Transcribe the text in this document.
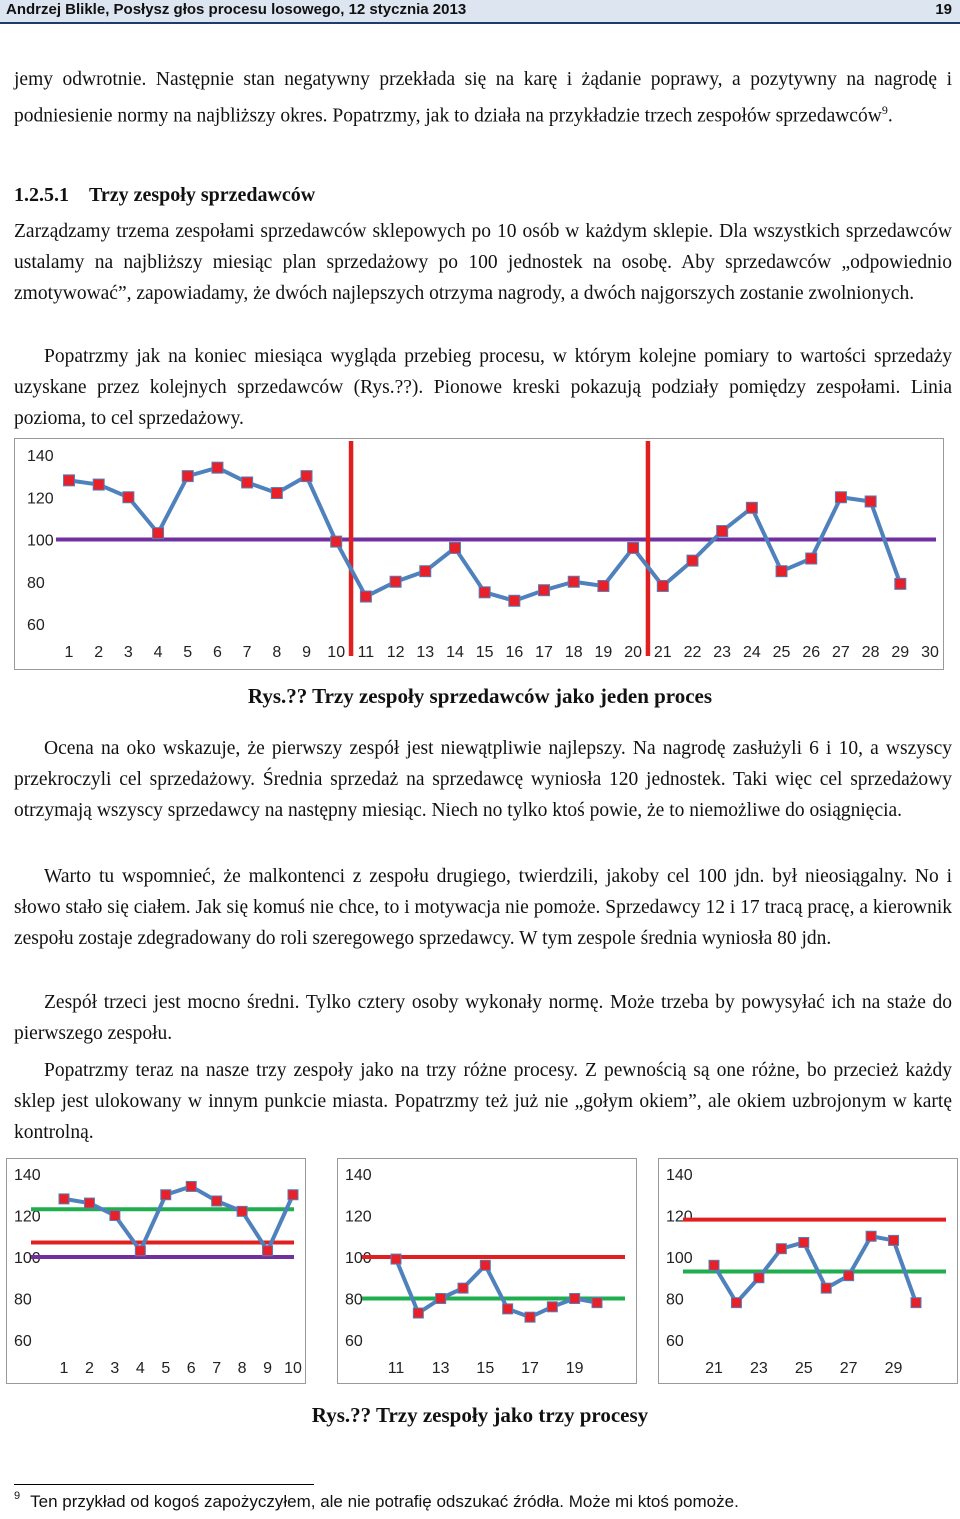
Andrzej Blikle, Posłysz głos procesu losowego, 12 stycznia 2013	19
jemy odwrotnie. Następnie stan negatywny przekłada się na karę i żądanie poprawy, a pozytywny na nagrodę i podniesienie normy na najbliższy okres. Popatrzmy, jak to działa na przykładzie trzech zespołów sprzedawców$^9$.
1.2.5.1 Trzy zespoły sprzedawców
Zarządzamy trzema zespołami sprzedawców sklepowych po 10 osób w każdym sklepie. Dla wszystkich sprzedawców ustalamy na najbliższy miesiąc plan sprzedażowy po 100 jednostek na osobę. Aby sprzedawców „odpowiednio zmotywować”, zapowiadamy, że dwóch najlepszych otrzyma nagrody, a dwóch najgorszych zostanie zwolnionych.
Popatrzmy jak na koniec miesiąca wygląda przebieg procesu, w którym kolejne pomiary to wartości sprzedaży uzyskane przez kolejnych sprzedawców (Rys.??). Pionowe kreski pokazują podziały pomiędzy zespołami. Linia pozioma, to cel sprzedażowy.
60
80
100
120
140
1 2 3 4 5 6 7 8 9 10 11 12 13 14 15 16 17 18 19 20 21 22 23 24 25 26 27 28 29 30
Rys.?? Trzy zespoły sprzedawców jako jeden proces
Ocena na oko wskazuje, że pierwszy zespół jest niewątpliwie najlepszy. Na nagrodę zasłużyli 6 i 10, a wszyscy przekroczyli cel sprzedażowy. Średnia sprzedaż na sprzedawcę wyniosła 120 jednostek. Taki więc cel sprzedażowy otrzymają wszyscy sprzedawcy na następny miesiąc. Niech no tylko ktoś powie, że to niemożliwe do osiągnięcia.
Warto tu wspomnieć, że malkontenci z zespołu drugiego, twierdzili, jakoby cel 100 jdn. był nieosiągalny. No i słowo stało się ciałem. Jak się komuś nie chce, to i motywacja nie pomoże. Sprzedawcy 12 i 17 tracą pracę, a kierownik zespołu zostaje zdegradowany do roli szeregowego sprzedawcy. W tym zespole średnia wyniosła 80 jdn.
Zespół trzeci jest mocno średni. Tylko cztery osoby wykonały normę. Może trzeba by powysyłać ich na staże do pierwszego zespołu.
Popatrzmy teraz na nasze trzy zespoły jako na trzy różne procesy. Z pewnością są one różne, bo przecież każdy sklep jest ulokowany w innym punkcie miasta. Popatrzmy też już nie „gołym okiem”, ale okiem uzbrojonym w kartę kontrolną.
60
80
100
120
140
1 2 3 4 5 6 7 8 9 10
60
80
100
120
140
11 13 15 17 19
60
80
100
120
140
21 23 25 27 29
Rys.?? Trzy zespoły jako trzy procesy
$^9$ Ten przykład od kogoś zapożyczyłem, ale nie potrafię odszukać źródła. Może mi ktoś pomoże.
